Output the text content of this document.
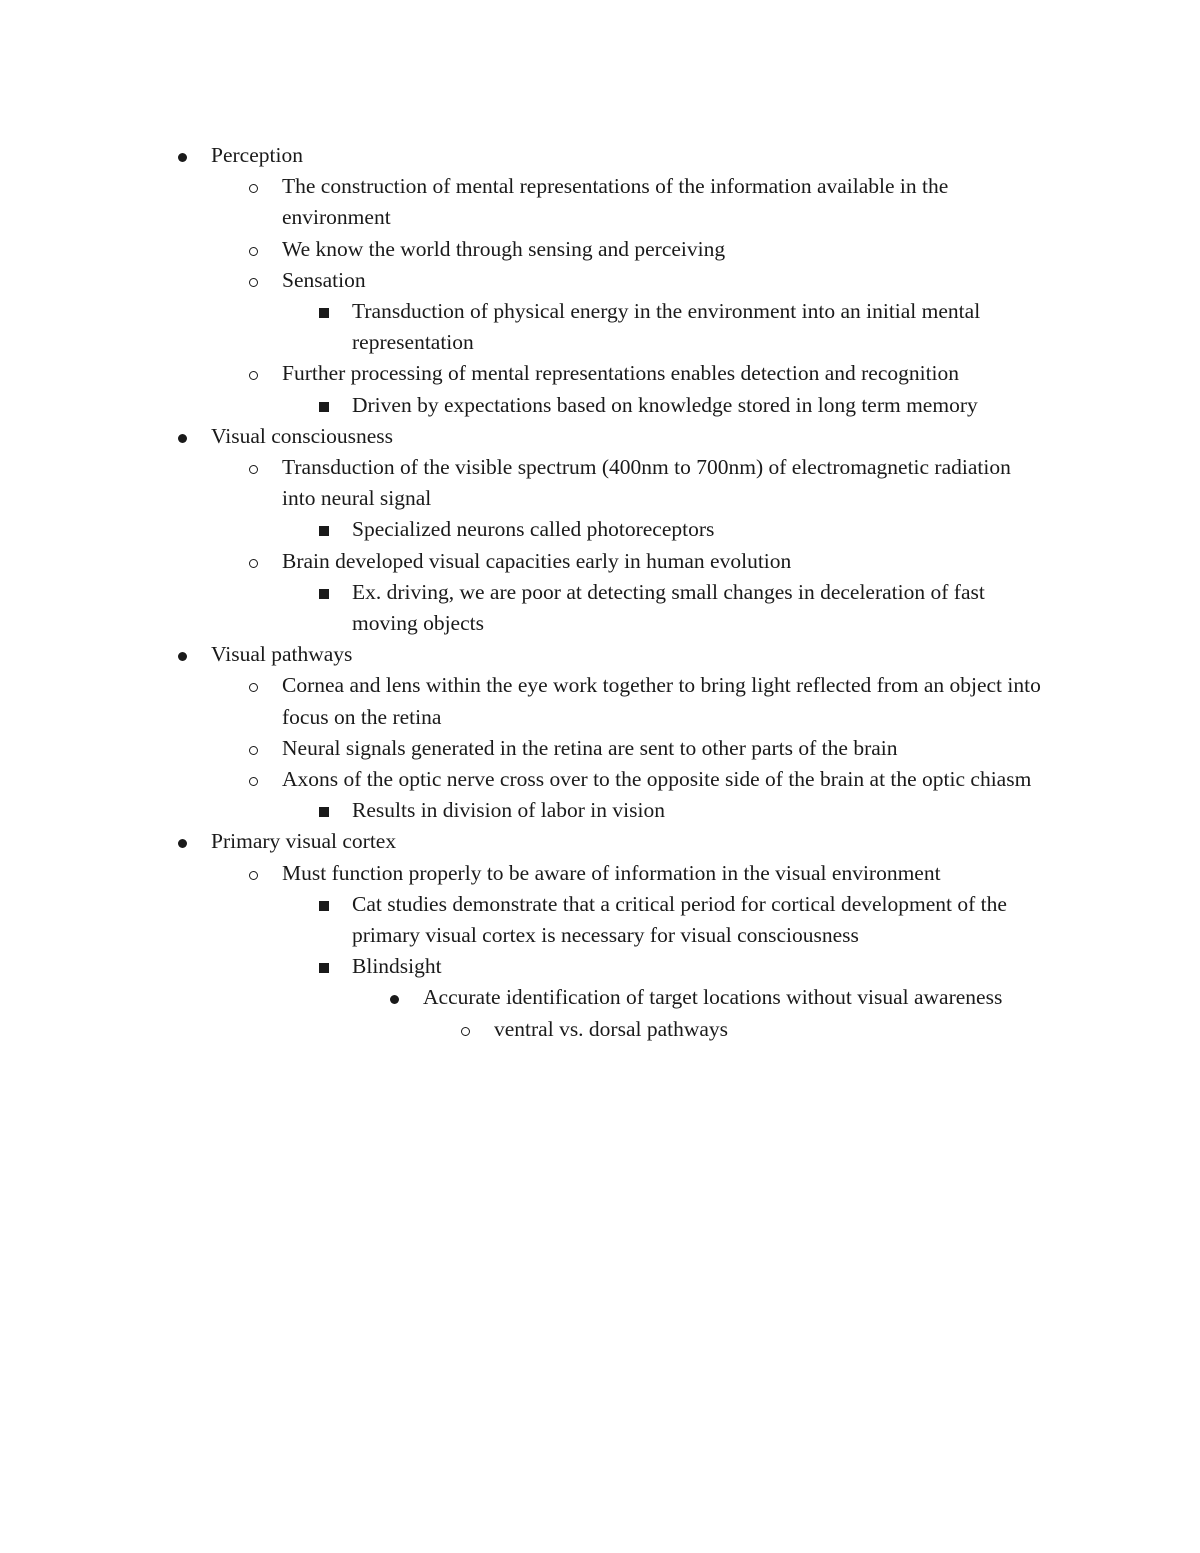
Perception
The construction of mental representations of the information available in the environment
We know the world through sensing and perceiving
Sensation
Transduction of physical energy in the environment into an initial mental representation
Further processing of mental representations enables detection and recognition
Driven by expectations based on knowledge stored in long term memory
Visual consciousness
Transduction of the visible spectrum (400nm to 700nm) of electromagnetic radiation into neural signal
Specialized neurons called photoreceptors
Brain developed visual capacities early in human evolution
Ex. driving, we are poor at detecting small changes in deceleration of fast moving objects
Visual pathways
Cornea and lens within the eye work together to bring light reflected from an object into focus on the retina
Neural signals generated in the retina are sent to other parts of the brain
Axons of the optic nerve cross over to the opposite side of the brain at the optic chiasm
Results in division of labor in vision
Primary visual cortex
Must function properly to be aware of information in the visual environment
Cat studies demonstrate that a critical period for cortical development of the primary visual cortex is necessary for visual consciousness
Blindsight
Accurate identification of target locations without visual awareness
ventral vs. dorsal pathways
